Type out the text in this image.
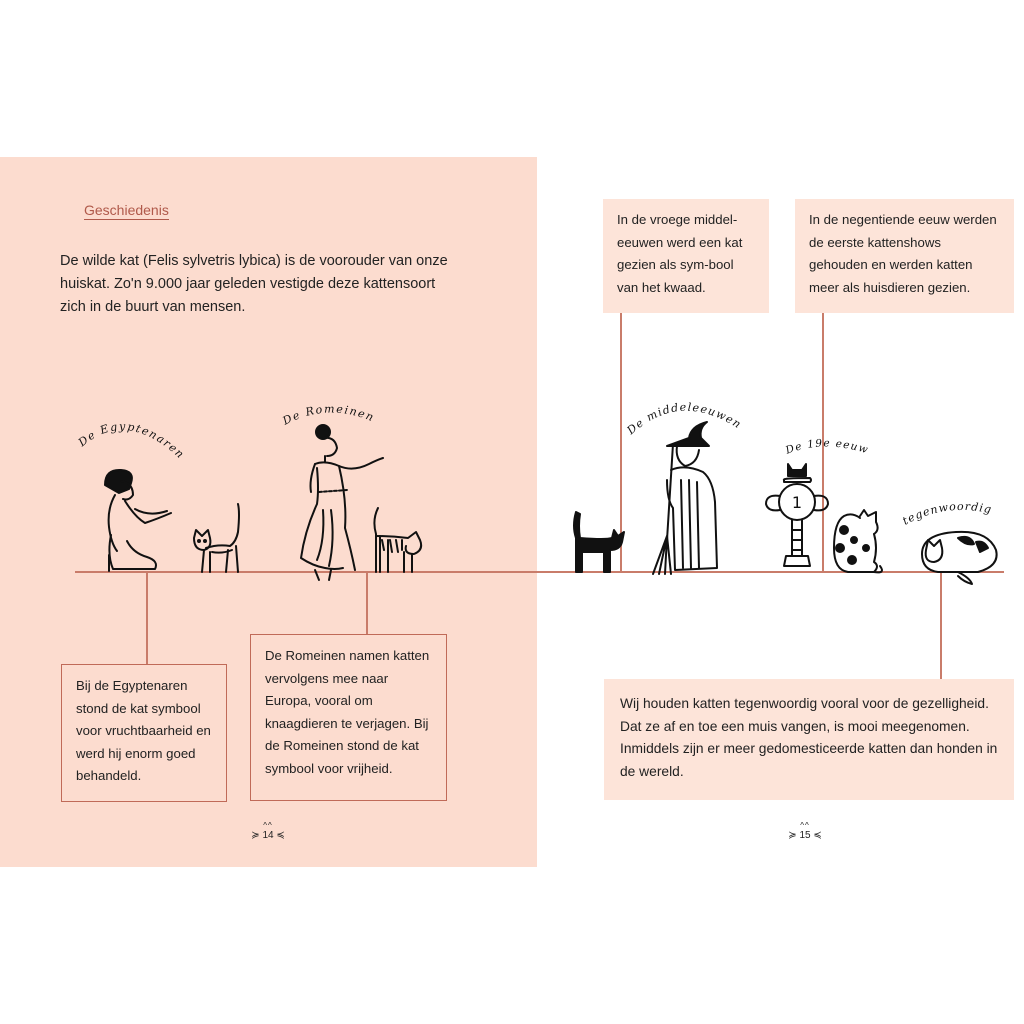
Geschiedenis
De wilde kat (Felis sylvetris lybica) is de voorouder van onze huiskat. Zo'n 9.000 jaar geleden vestigde deze kattensoort zich in de buurt van mensen.
Bij de Egyptenaren stond de kat symbool voor vruchtbaarheid en werd hij enorm goed behandeld.
De Romeinen namen katten vervolgens mee naar Europa, vooral om knaagdieren te verjagen. Bij de Romeinen stond de kat symbool voor vrijheid.
In de vroege middel-eeuwen werd een kat gezien als sym-bool van het kwaad.
In de negentiende eeuw werden de eerste kattenshows gehouden en werden katten meer als huisdieren gezien.
Wij houden katten tegenwoordig vooral voor de gezelligheid. Dat ze af en toe een muis vangen, is mooi meegenomen. Inmiddels zijn er meer gedomesticeerde katten dan honden in de wereld.
De Egyptenaren
De Romeinen
De middeleeuwen
De 19e eeuw
tegenwoordig
1
^^
≽ 14 ≼
^^
≽ 15 ≼
